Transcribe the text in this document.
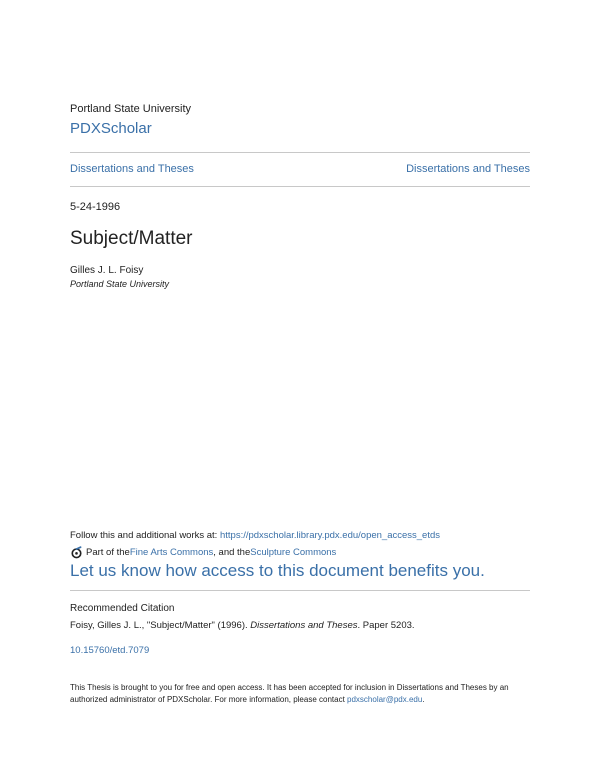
Portland State University
PDXScholar
Dissertations and Theses	Dissertations and Theses
5-24-1996
Subject/Matter
Gilles J. L. Foisy
Portland State University
Follow this and additional works at: https://pdxscholar.library.pdx.edu/open_access_etds
Part of the Fine Arts Commons , and the Sculpture Commons
Let us know how access to this document benefits you.
Recommended Citation
Foisy, Gilles J. L., "Subject/Matter" (1996). Dissertations and Theses. Paper 5203.
10.15760/etd.7079
This Thesis is brought to you for free and open access. It has been accepted for inclusion in Dissertations and Theses by an authorized administrator of PDXScholar. For more information, please contact pdxscholar@pdx.edu.
